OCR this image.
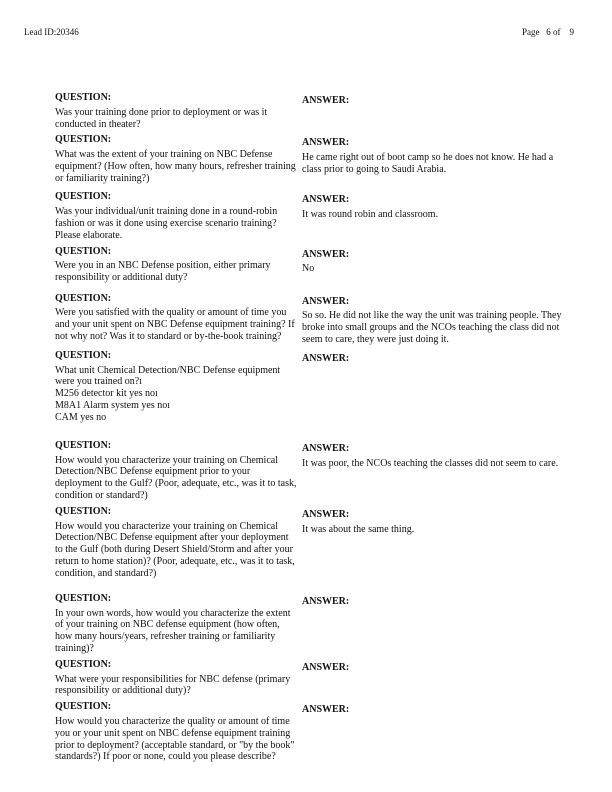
Lead ID:20346	Page   6 of    9
QUESTION:
Was your training done prior to deployment or was it conducted in theater?
ANSWER:
QUESTION:
What was the extent of your training on NBC Defense equipment? (How often, how many hours, refresher training or familiarity training?)
ANSWER:
He came right out of boot camp so he does not know. He had a class prior to going to Saudi Arabia.
QUESTION:
Was your individual/unit training done in a round-robin fashion or was it done using exercise scenario training? Please elaborate.
ANSWER:
It was round robin and classroom.
QUESTION:
Were you in an NBC Defense position, either primary responsibility or additional duty?
ANSWER:
No
QUESTION:
Were you satisfied with the quality or amount of time you and your unit spent on NBC Defense equipment training? If not why not? Was it to standard or by-the-book training?
ANSWER:
So so. He did not like the way the unit was training people. They broke into small groups and the NCOs teaching the class did not seem to care, they were just doing it.
QUESTION:
What unit Chemical Detection/NBC Defense equipment were you trained on?ı
M256 detector kit yes noı
M8A1 Alarm system yes noı
CAM yes no
ANSWER:
QUESTION:
How would you characterize your training on Chemical Detection/NBC Defense equipment prior to your deployment to the Gulf? (Poor, adequate, etc., was it to task, condition or standard?)
ANSWER:
It was poor, the NCOs teaching the classes did not seem to care.
QUESTION:
How would you characterize your training on Chemical Detection/NBC Defense equipment after your deployment to the Gulf (both during Desert Shield/Storm and after your return to home station)? (Poor, adequate, etc., was it to task, condition, and standard?)
ANSWER:
It was about the same thing.
QUESTION:
In your own words, how would you characterize the extent of your training on NBC defense equipment (how often, how many hours/years, refresher training or familiarity training)?
ANSWER:
QUESTION:
What were your responsibilities for NBC defense (primary responsibility or additional duty)?
ANSWER:
QUESTION:
How would you characterize the quality or amount of time you or your unit spent on NBC defense equipment training prior to deployment? (acceptable standard, or "by the book" standards?) If poor or none, could you please describe?
ANSWER:
